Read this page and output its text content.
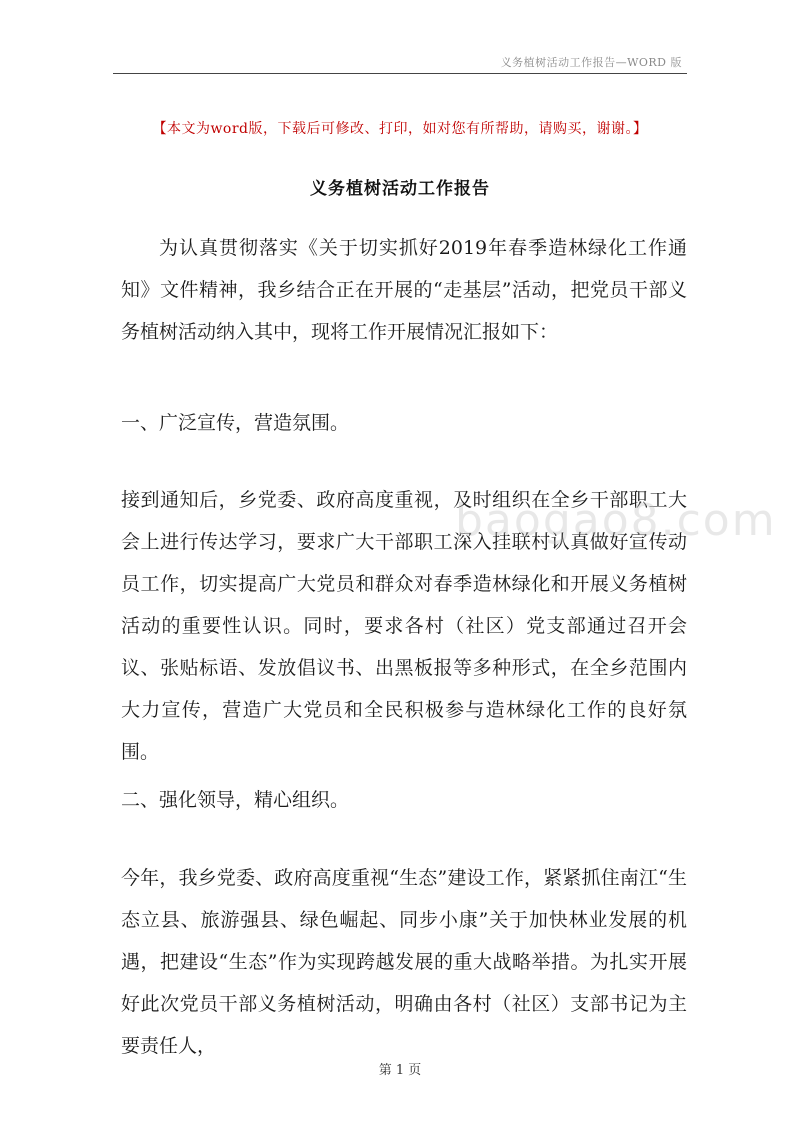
义务植树活动工作报告—WORD 版
【本文为word版，下载后可修改、打印，如对您有所帮助，请购买，谢谢。】
义务植树活动工作报告

为认真贯彻落实《关于切实抓好2019年春季造林绿化工作通知》文件精神，我乡结合正在开展的“走基层”活动，把党员干部义务植树活动纳入其中，现将工作开展情况汇报如下：

一、广泛宣传，营造氛围。

接到通知后，乡党委、政府高度重视，及时组织在全乡干部职工大会上进行传达学习，要求广大干部职工深入挂联村认真做好宣传动员工作，切实提高广大党员和群众对春季造林绿化和开展义务植树活动的重要性认识。同时，要求各村（社区）党支部通过召开会议、张贴标语、发放倡议书、出黑板报等多种形式，在全乡范围内大力宣传，营造广大党员和全民积极参与造林绿化工作的良好氛围。

二、强化领导，精心组织。

今年，我乡党委、政府高度重视“生态”建设工作，紧紧抓住南江“生态立县、旅游强县、绿色崛起、同步小康”关于加快林业发展的机遇，把建设“生态”作为实现跨越发展的重大战略举措。为扎实开展好此次党员干部义务植树活动，明确由各村（社区）支部书记为主要责任人，

baogao8.com
第 1 页
